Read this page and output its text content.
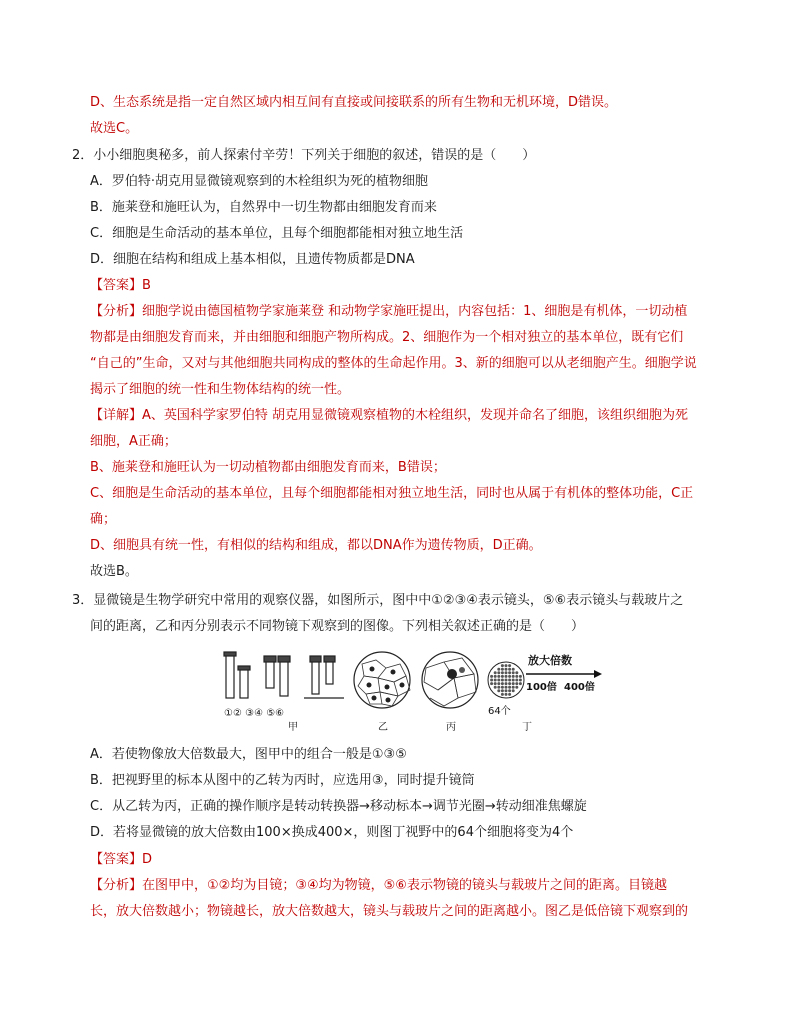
D、生态系统是指一定自然区域内相互间有直接或间接联系的所有生物和无机环境，D错误。
故选C。
2．小小细胞奥秘多，前人探索付辛劳！下列关于细胞的叙述，错误的是（　　）
A．罗伯特·胡克用显微镜观察到的木栓组织为死的植物细胞
B．施莱登和施旺认为，自然界中一切生物都由细胞发育而来
C．细胞是生命活动的基本单位，且每个细胞都能相对独立地生活
D．细胞在结构和组成上基本相似，且遗传物质都是DNA
【答案】B
【分析】细胞学说由德国植物学家施莱登 和动物学家施旺提出，内容包括：1、细胞是有机体，一切动植
物都是由细胞发育而来，并由细胞和细胞产物所构成。2、细胞作为一个相对独立的基本单位，既有它们
“自己的”生命，又对与其他细胞共同构成的整体的生命起作用。3、新的细胞可以从老细胞产生。细胞学说
揭示了细胞的统一性和生物体结构的统一性。
【详解】A、英国科学家罗伯特 胡克用显微镜观察植物的木栓组织，发现并命名了细胞，该组织细胞为死
细胞，A正确；
B、施莱登和施旺认为一切动植物都由细胞发育而来，B错误；
C、细胞是生命活动的基本单位，且每个细胞都能相对独立地生活，同时也从属于有机体的整体功能，C正
确；
D、细胞具有统一性，有相似的结构和组成，都以DNA作为遗传物质，D正确。
故选B。
3．显微镜是生物学研究中常用的观察仪器，如图所示，图中中①②③④表示镜头，⑤⑥表示镜头与载玻片之
间的距离，乙和丙分别表示不同物镜下观察到的图像。下列相关叙述正确的是（　　）
①② ③④ ⑤⑥
甲	乙	丙
64个
丁
放大倍数
100倍 400倍
A．若使物像放大倍数最大，图甲中的组合一般是①③⑤
B．把视野里的标本从图中的乙转为丙时，应选用③，同时提升镜筒
C．从乙转为丙，正确的操作顺序是转动转换器→移动标本→调节光圈→转动细准焦螺旋
D．若将显微镜的放大倍数由100×换成400×，则图丁视野中的64个细胞将变为4个
【答案】D
【分析】在图甲中，①②均为目镜；③④均为物镜，⑤⑥表示物镜的镜头与载玻片之间的距离。目镜越
长，放大倍数越小；物镜越长，放大倍数越大，镜头与载玻片之间的距离越小。图乙是低倍镜下观察到的
